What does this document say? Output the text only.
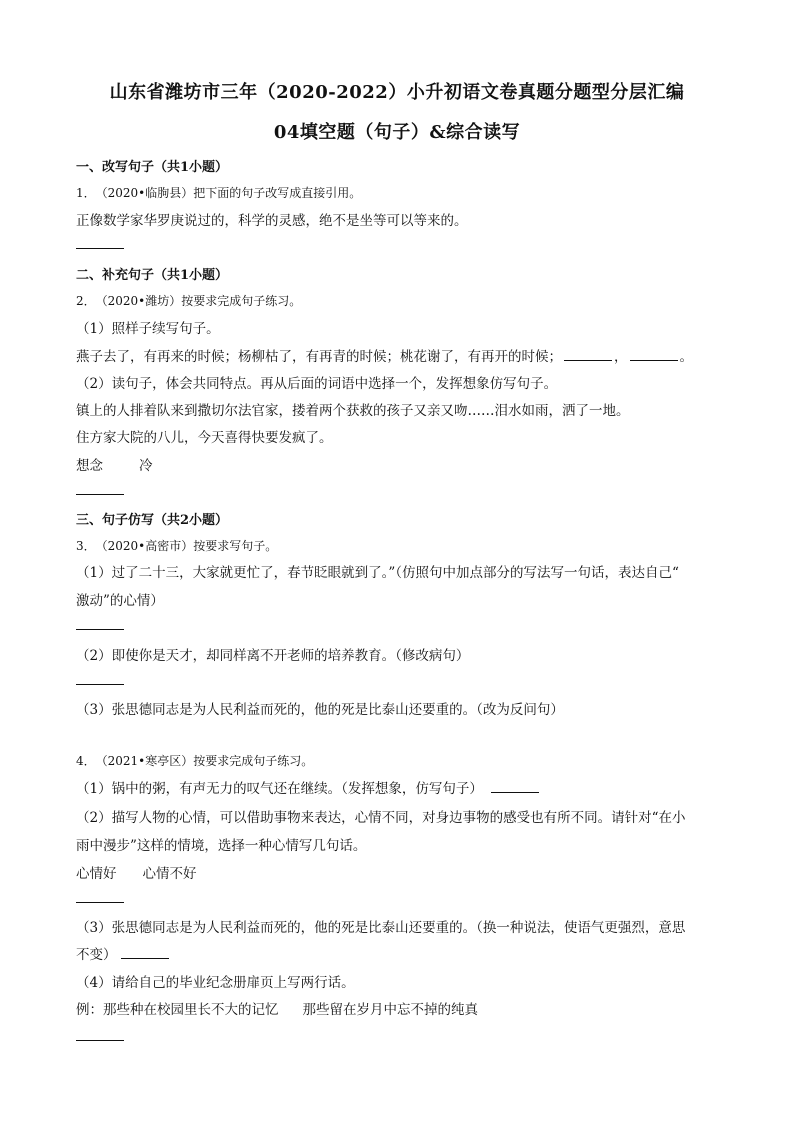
山东省潍坊市三年（2020-2022）小升初语文卷真题分题型分层汇编
04填空题（句子）&综合读写
一、改写句子（共1小题）
1．　（2020•临朐县）把下面的句子改写成直接引用。
正像数学家华罗庚说过的，科学的灵感，绝不是坐等可以等来的。
二、补充句子（共1小题）
2．　（2020•潍坊）按要求完成句子练习。
（1）照样子续写句子。
燕子去了，有再来的时候；杨柳枯了，有再青的时候；桃花谢了，有再开的时候；	，	。
（2）读句子，体会共同特点。再从后面的词语中选择一个，发挥想象仿写句子。
镇上的人排着队来到撒切尔法官家，搂着两个获救的孩子又亲又吻……泪水如雨，洒了一地。
住方家大院的八儿，今天喜得快要发疯了。
想念	冷
三、句子仿写（共2小题）
3．　（2020•高密市）按要求写句子。
（1）过了二十三，大家就更忙了，春节眨眼就到了。”（仿照句中加点部分的写法写一句话，表达自己“
激动”的心情）
（2）即使你是天才，却同样离不开老师的培养教育。（修改病句）
（3）张思德同志是为人民利益而死的，他的死是比泰山还要重的。（改为反问句）
4．　（2021•寒亭区）按要求完成句子练习。
（1）锅中的粥，有声无力的叹气还在继续。（发挥想象，仿写句子）
（2）描写人物的心情，可以借助事物来表达，心情不同，对身边事物的感受也有所不同。请针对“在小
雨中漫步”这样的情境，选择一种心情写几句话。
心情好 心情不好
（3）张思德同志是为人民利益而死的，他的死是比泰山还要重的。（换一种说法，使语气更强烈，意思
不变）
（4）请给自己的毕业纪念册扉页上写两行话。
例：那些种在校园里长不大的记忆 那些留在岁月中忘不掉的纯真
